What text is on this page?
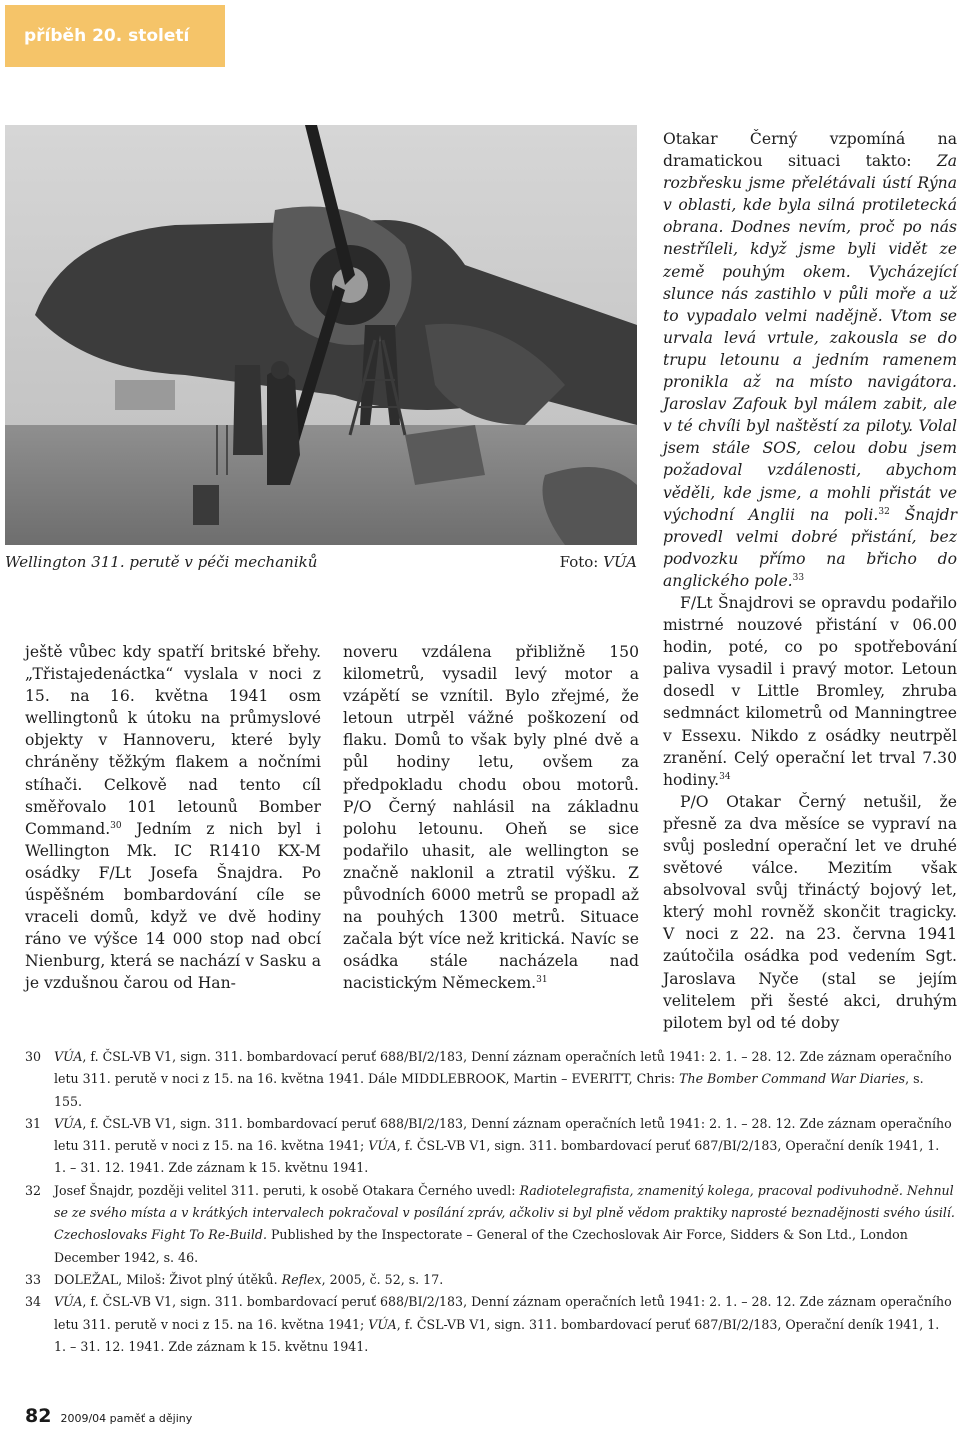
příběh 20. století
Wellington 311. perutě v péči mechaniků	Foto: VÚA

ještě vůbec kdy spatří britské břehy. „Třistajedenáctka“ vyslala v noci z 15. na 16. května 1941 osm wellingtonů k útoku na průmyslové objekty v Hannoveru, které byly chráněny těžkým flakem a nočními stíhači. Celkově nad tento cíl směřovalo 101 letounů Bomber Command.$^{30}$ Jedním z nich byl i Wellington Mk. IC R1410 KX-M osádky F/Lt Josefa Šnajdra. Po úspěšném bombardování cíle se vraceli domů, když ve dvě hodiny ráno ve výšce 14 000 stop nad obcí Nienburg, která se nachází v Sasku a je vzdušnou čarou od Han-

noveru vzdálena přibližně 150 kilometrů, vysadil levý motor a vzápětí se vznítil. Bylo zřejmé, že letoun utrpěl vážné poškození od flaku. Domů to však byly plné dvě a půl hodiny letu, ovšem za předpokladu chodu obou motorů. P/O Černý nahlásil na základnu polohu letounu. Oheň se sice podařilo uhasit, ale wellington se značně naklonil a ztratil výšku. Z původních 6000 metrů se propadl až na pouhých 1300 metrů. Situace začala být více než kritická. Navíc se osádka stále nacházela nad nacistickým Německem.$^{31}$

Otakar Černý vzpomíná na dramatickou situaci takto: Za rozbřesku jsme přelétávali ústí Rýna v oblasti, kde byla silná protiletecká obrana. Dodnes nevím, proč po nás nestříleli, když jsme byli vidět ze země pouhým okem. Vycházející slunce nás zastihlo v půli moře a už to vypadalo velmi nadějně. Vtom se urvala levá vrtule, zakousla se do trupu letounu a jedním ramenem pronikla až na místo navigátora. Jaroslav Zafouk byl málem zabit, ale v té chvíli byl naštěstí za piloty. Volal jsem stále SOS, celou dobu jsem požadoval vzdálenosti, abychom věděli, kde jsme, a mohli přistát ve východní Anglii na poli.$^{32}$ Šnajdr provedl velmi dobré přistání, bez podvozku přímo na břicho do anglického pole.$^{33}$

F/Lt Šnajdrovi se opravdu podařilo mistrné nouzové přistání v 06.00 hodin, poté, co po spotřebování paliva vysadil i pravý motor. Letoun dosedl v Little Bromley, zhruba sedmnáct kilometrů od Manningtree v Essexu. Nikdo z osádky neutrpěl zranění. Celý operační let trval 7.30 hodiny.$^{34}$

P/O Otakar Černý netušil, že přesně za dva měsíce se vypraví na svůj poslední operační let ve druhé světové válce. Mezitím však absolvoval svůj třináctý bojový let, který mohl rovněž skončit tragicky. V noci z 22. na 23. června 1941 zaútočila osádka pod vedením Sgt. Jaroslava Nyče (stal se jejím velitelem při šesté akci, druhým pilotem byl od té doby

30	VÚA, f. ČSL-VB V1, sign. 311. bombardovací peruť 688/BI/2/183, Denní záznam operačních letů 1941: 2. 1. – 28. 12. Zde záznam operačního letu 311. perutě v noci z 15. na 16. května 1941. Dále MIDDLEBROOK, Martin – EVERITT, Chris: The Bomber Command War Diaries, s. 155.
31	VÚA, f. ČSL-VB V1, sign. 311. bombardovací peruť 688/BI/2/183, Denní záznam operačních letů 1941: 2. 1. – 28. 12. Zde záznam operačního letu 311. perutě v noci z 15. na 16. května 1941; VÚA, f. ČSL-VB V1, sign. 311. bombardovací peruť 687/BI/2/183, Operační deník 1941, 1. 1. – 31. 12. 1941. Zde záznam k 15. květnu 1941.
32	Josef Šnajdr, později velitel 311. peruti, k osobě Otakara Černého uvedl: Radiotelegrafista, znamenitý kolega, pracoval podivuhodně. Nehnul se ze svého místa a v krátkých intervalech pokračoval v posílání zpráv, ačkoliv si byl plně vědom praktiky naprosté beznadějnosti svého úsilí. Czechoslovaks Fight To Re-Build. Published by the Inspectorate – General of the Czechoslovak Air Force, Sidders & Son Ltd., London December 1942, s. 46.
33	DOLEŽAL, Miloš: Život plný útěků. Reflex, 2005, č. 52, s. 17.
34	VÚA, f. ČSL-VB V1, sign. 311. bombardovací peruť 688/BI/2/183, Denní záznam operačních letů 1941: 2. 1. – 28. 12. Zde záznam operačního letu 311. perutě v noci z 15. na 16. května 1941; VÚA, f. ČSL-VB V1, sign. 311. bombardovací peruť 687/BI/2/183, Operační deník 1941, 1. 1. – 31. 12. 1941. Zde záznam k 15. květnu 1941.
82 2009/04 paměť a dějiny
